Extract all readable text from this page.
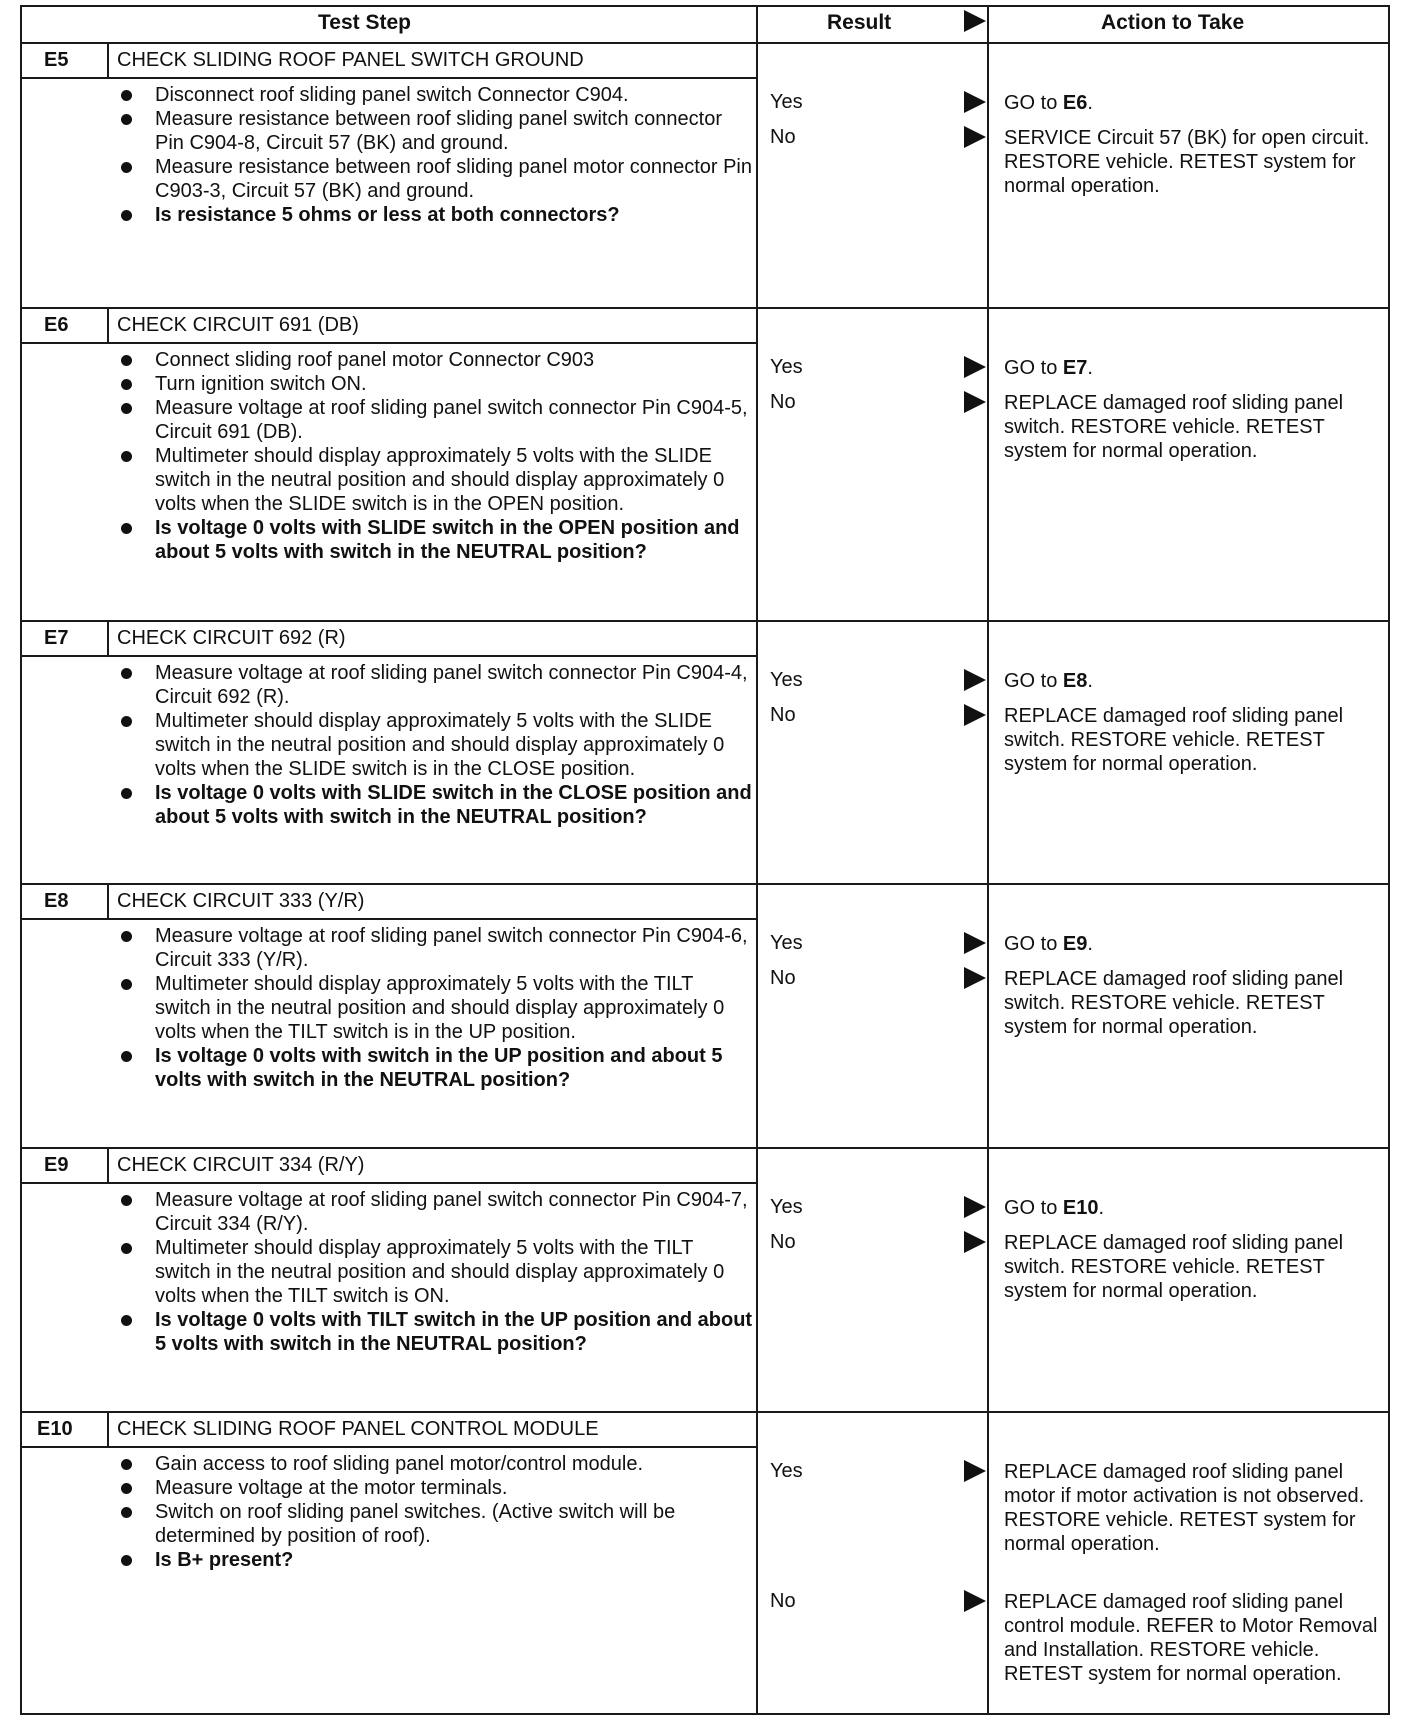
Test Step	Result	Action to Take
E5 CHECK SLIDING ROOF PANEL SWITCH GROUND
Disconnect roof sliding panel switch Connector C904.
Measure resistance between roof sliding panel switch connector Pin C904-8, Circuit 57 (BK) and ground.
Measure resistance between roof sliding panel motor connector Pin C903-3, Circuit 57 (BK) and ground.
Is resistance 5 ohms or less at both connectors?
Yes	GO to E6.
No	SERVICE Circuit 57 (BK) for open circuit. RESTORE vehicle. RETEST system for normal operation.
E6 CHECK CIRCUIT 691 (DB)
Connect sliding roof panel motor Connector C903
Turn ignition switch ON.
Measure voltage at roof sliding panel switch connector Pin C904-5, Circuit 691 (DB).
Multimeter should display approximately 5 volts with the SLIDE switch in the neutral position and should display approximately 0 volts when the SLIDE switch is in the OPEN position.
Is voltage 0 volts with SLIDE switch in the OPEN position and about 5 volts with switch in the NEUTRAL position?
Yes	GO to E7.
No	REPLACE damaged roof sliding panel switch. RESTORE vehicle. RETEST system for normal operation.
E7 CHECK CIRCUIT 692 (R)
Measure voltage at roof sliding panel switch connector Pin C904-4, Circuit 692 (R).
Multimeter should display approximately 5 volts with the SLIDE switch in the neutral position and should display approximately 0 volts when the SLIDE switch is in the CLOSE position.
Is voltage 0 volts with SLIDE switch in the CLOSE position and about 5 volts with switch in the NEUTRAL position?
Yes	GO to E8.
No	REPLACE damaged roof sliding panel switch. RESTORE vehicle. RETEST system for normal operation.
E8 CHECK CIRCUIT 333 (Y/R)
Measure voltage at roof sliding panel switch connector Pin C904-6, Circuit 333 (Y/R).
Multimeter should display approximately 5 volts with the TILT switch in the neutral position and should display approximately 0 volts when the TILT switch is in the UP position.
Is voltage 0 volts with switch in the UP position and about 5 volts with switch in the NEUTRAL position?
Yes	GO to E9.
No	REPLACE damaged roof sliding panel switch. RESTORE vehicle. RETEST system for normal operation.
E9 CHECK CIRCUIT 334 (R/Y)
Measure voltage at roof sliding panel switch connector Pin C904-7, Circuit 334 (R/Y).
Multimeter should display approximately 5 volts with the TILT switch in the neutral position and should display approximately 0 volts when the TILT switch is ON.
Is voltage 0 volts with TILT switch in the UP position and about 5 volts with switch in the NEUTRAL position?
Yes	GO to E10.
No	REPLACE damaged roof sliding panel switch. RESTORE vehicle. RETEST system for normal operation.
E10 CHECK SLIDING ROOF PANEL CONTROL MODULE
Gain access to roof sliding panel motor/control module.
Measure voltage at the motor terminals.
Switch on roof sliding panel switches. (Active switch will be determined by position of roof).
Is B+ present?
Yes	REPLACE damaged roof sliding panel motor if motor activation is not observed. RESTORE vehicle. RETEST system for normal operation.
No	REPLACE damaged roof sliding panel control module. REFER to Motor Removal and Installation. RESTORE vehicle. RETEST system for normal operation.
